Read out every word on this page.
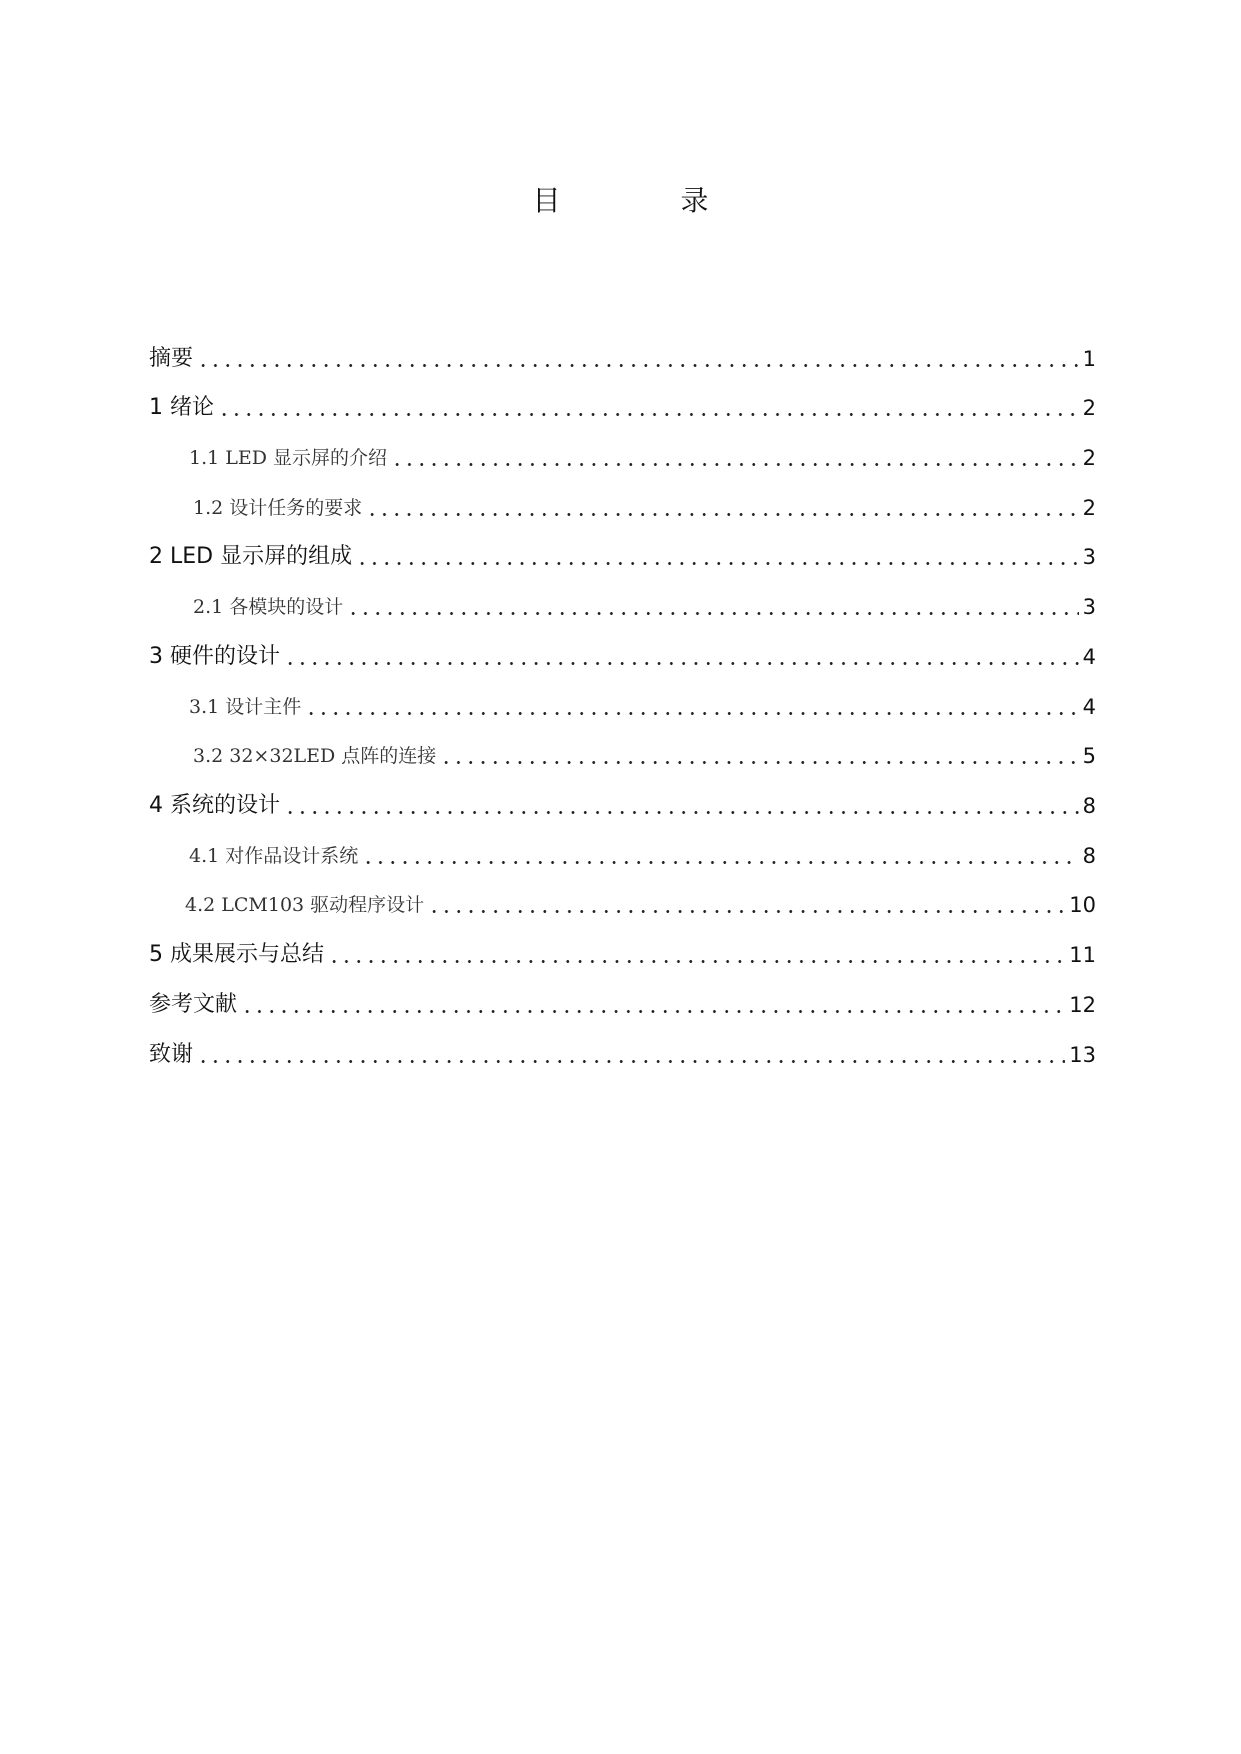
目　录
摘要	1
1 绪论	2
1.1 LED 显示屏的介绍	2
1.2 设计任务的要求	2
2 LED 显示屏的组成	3
2.1 各模块的设计	3
3 硬件的设计	4
3.1 设计主件	4
3.2 32×32LED 点阵的连接	5
4 系统的设计	8
4.1 对作品设计系统	8
4.2 LCM103 驱动程序设计	10
5 成果展示与总结	11
参考文献	12
致谢	13
